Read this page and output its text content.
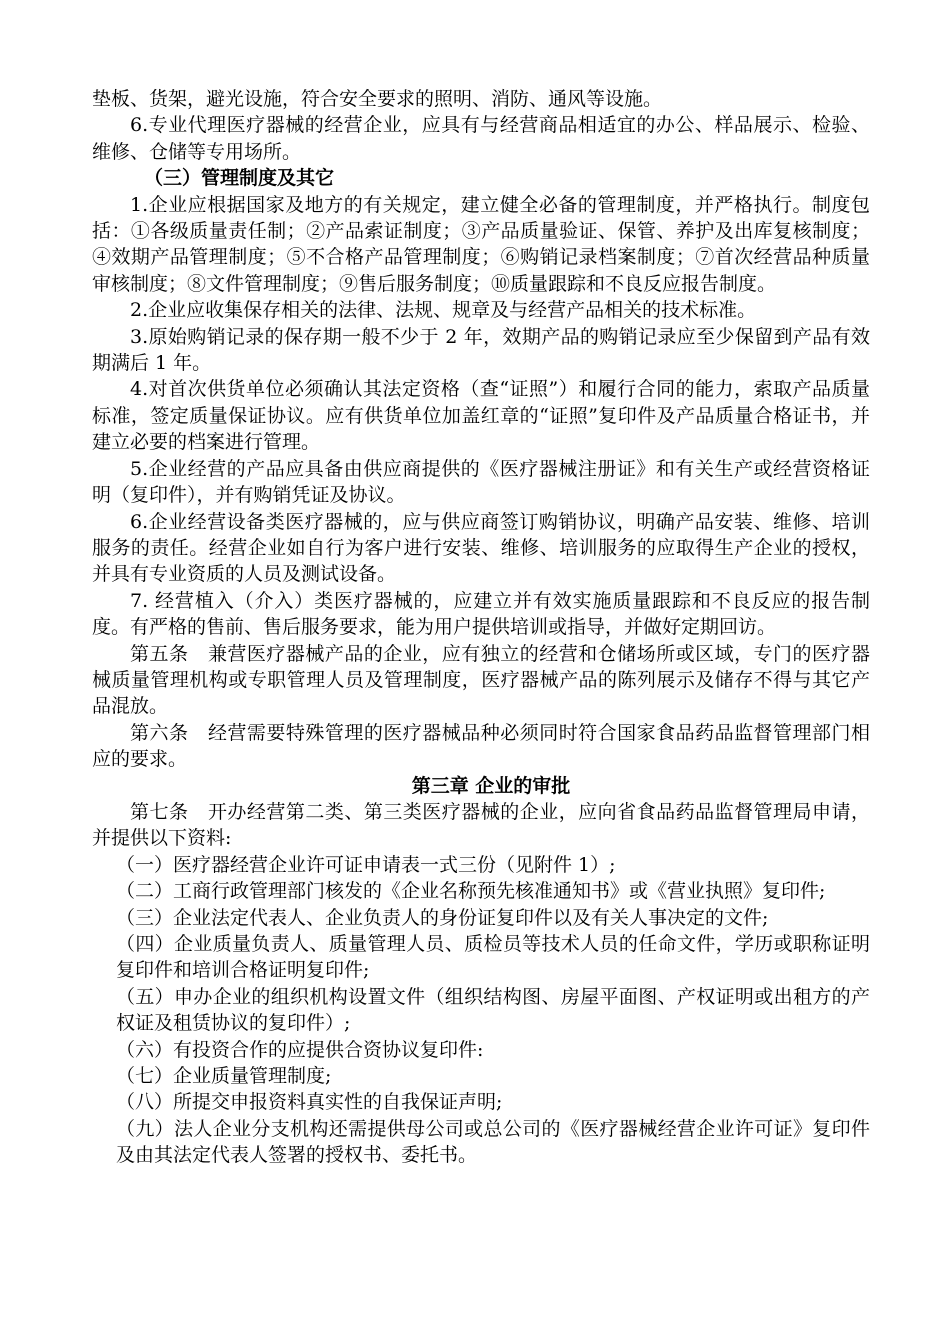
垫板、货架，避光设施，符合安全要求的照明、消防、通风等设施。

6.专业代理医疗器械的经营企业，应具有与经营商品相适宜的办公、样品展示、检验、维修、仓储等专用场所。

（三）管理制度及其它

1.企业应根据国家及地方的有关规定，建立健全必备的管理制度，并严格执行。制度包括：①各级质量责任制；②产品索证制度；③产品质量验证、保管、养护及出库复核制度；④效期产品管理制度；⑤不合格产品管理制度；⑥购销记录档案制度；⑦首次经营品种质量审核制度；⑧文件管理制度；⑨售后服务制度；⑩质量跟踪和不良反应报告制度。

2.企业应收集保存相关的法律、法规、规章及与经营产品相关的技术标准。

3.原始购销记录的保存期一般不少于 2 年，效期产品的购销记录应至少保留到产品有效期满后 1 年。

4.对首次供货单位必须确认其法定资格（查“证照”）和履行合同的能力，索取产品质量标准，签定质量保证协议。应有供货单位加盖红章的“证照”复印件及产品质量合格证书，并建立必要的档案进行管理。

5.企业经营的产品应具备由供应商提供的《医疗器械注册证》和有关生产或经营资格证明（复印件），并有购销凭证及协议。

6.企业经营设备类医疗器械的，应与供应商签订购销协议，明确产品安装、维修、培训服务的责任。经营企业如自行为客户进行安装、维修、培训服务的应取得生产企业的授权，并具有专业资质的人员及测试设备。

7. 经营植入（介入）类医疗器械的，应建立并有效实施质量跟踪和不良反应的报告制度。有严格的售前、售后服务要求，能为用户提供培训或指导，并做好定期回访。

第五条　兼营医疗器械产品的企业，应有独立的经营和仓储场所或区域，专门的医疗器械质量管理机构或专职管理人员及管理制度，医疗器械产品的陈列展示及储存不得与其它产品混放。

第六条　经营需要特殊管理的医疗器械品种必须同时符合国家食品药品监督管理部门相应的要求。

第三章 企业的审批

第七条　开办经营第二类、第三类医疗器械的企业，应向省食品药品监督管理局申请，并提供以下资料:

（一）医疗器经营企业许可证申请表一式三份（见附件 1）;

（二）工商行政管理部门核发的《企业名称预先核准通知书》或《营业执照》复印件;

（三）企业法定代表人、企业负责人的身份证复印件以及有关人事决定的文件;

（四）企业质量负责人、质量管理人员、质检员等技术人员的任命文件，学历或职称证明复印件和培训合格证明复印件;

（五）申办企业的组织机构设置文件（组织结构图、房屋平面图、产权证明或出租方的产权证及租赁协议的复印件）;

（六）有投资合作的应提供合资协议复印件:

（七）企业质量管理制度;

（八）所提交申报资料真实性的自我保证声明;

（九）法人企业分支机构还需提供母公司或总公司的《医疗器械经营企业许可证》复印件及由其法定代表人签署的授权书、委托书。
